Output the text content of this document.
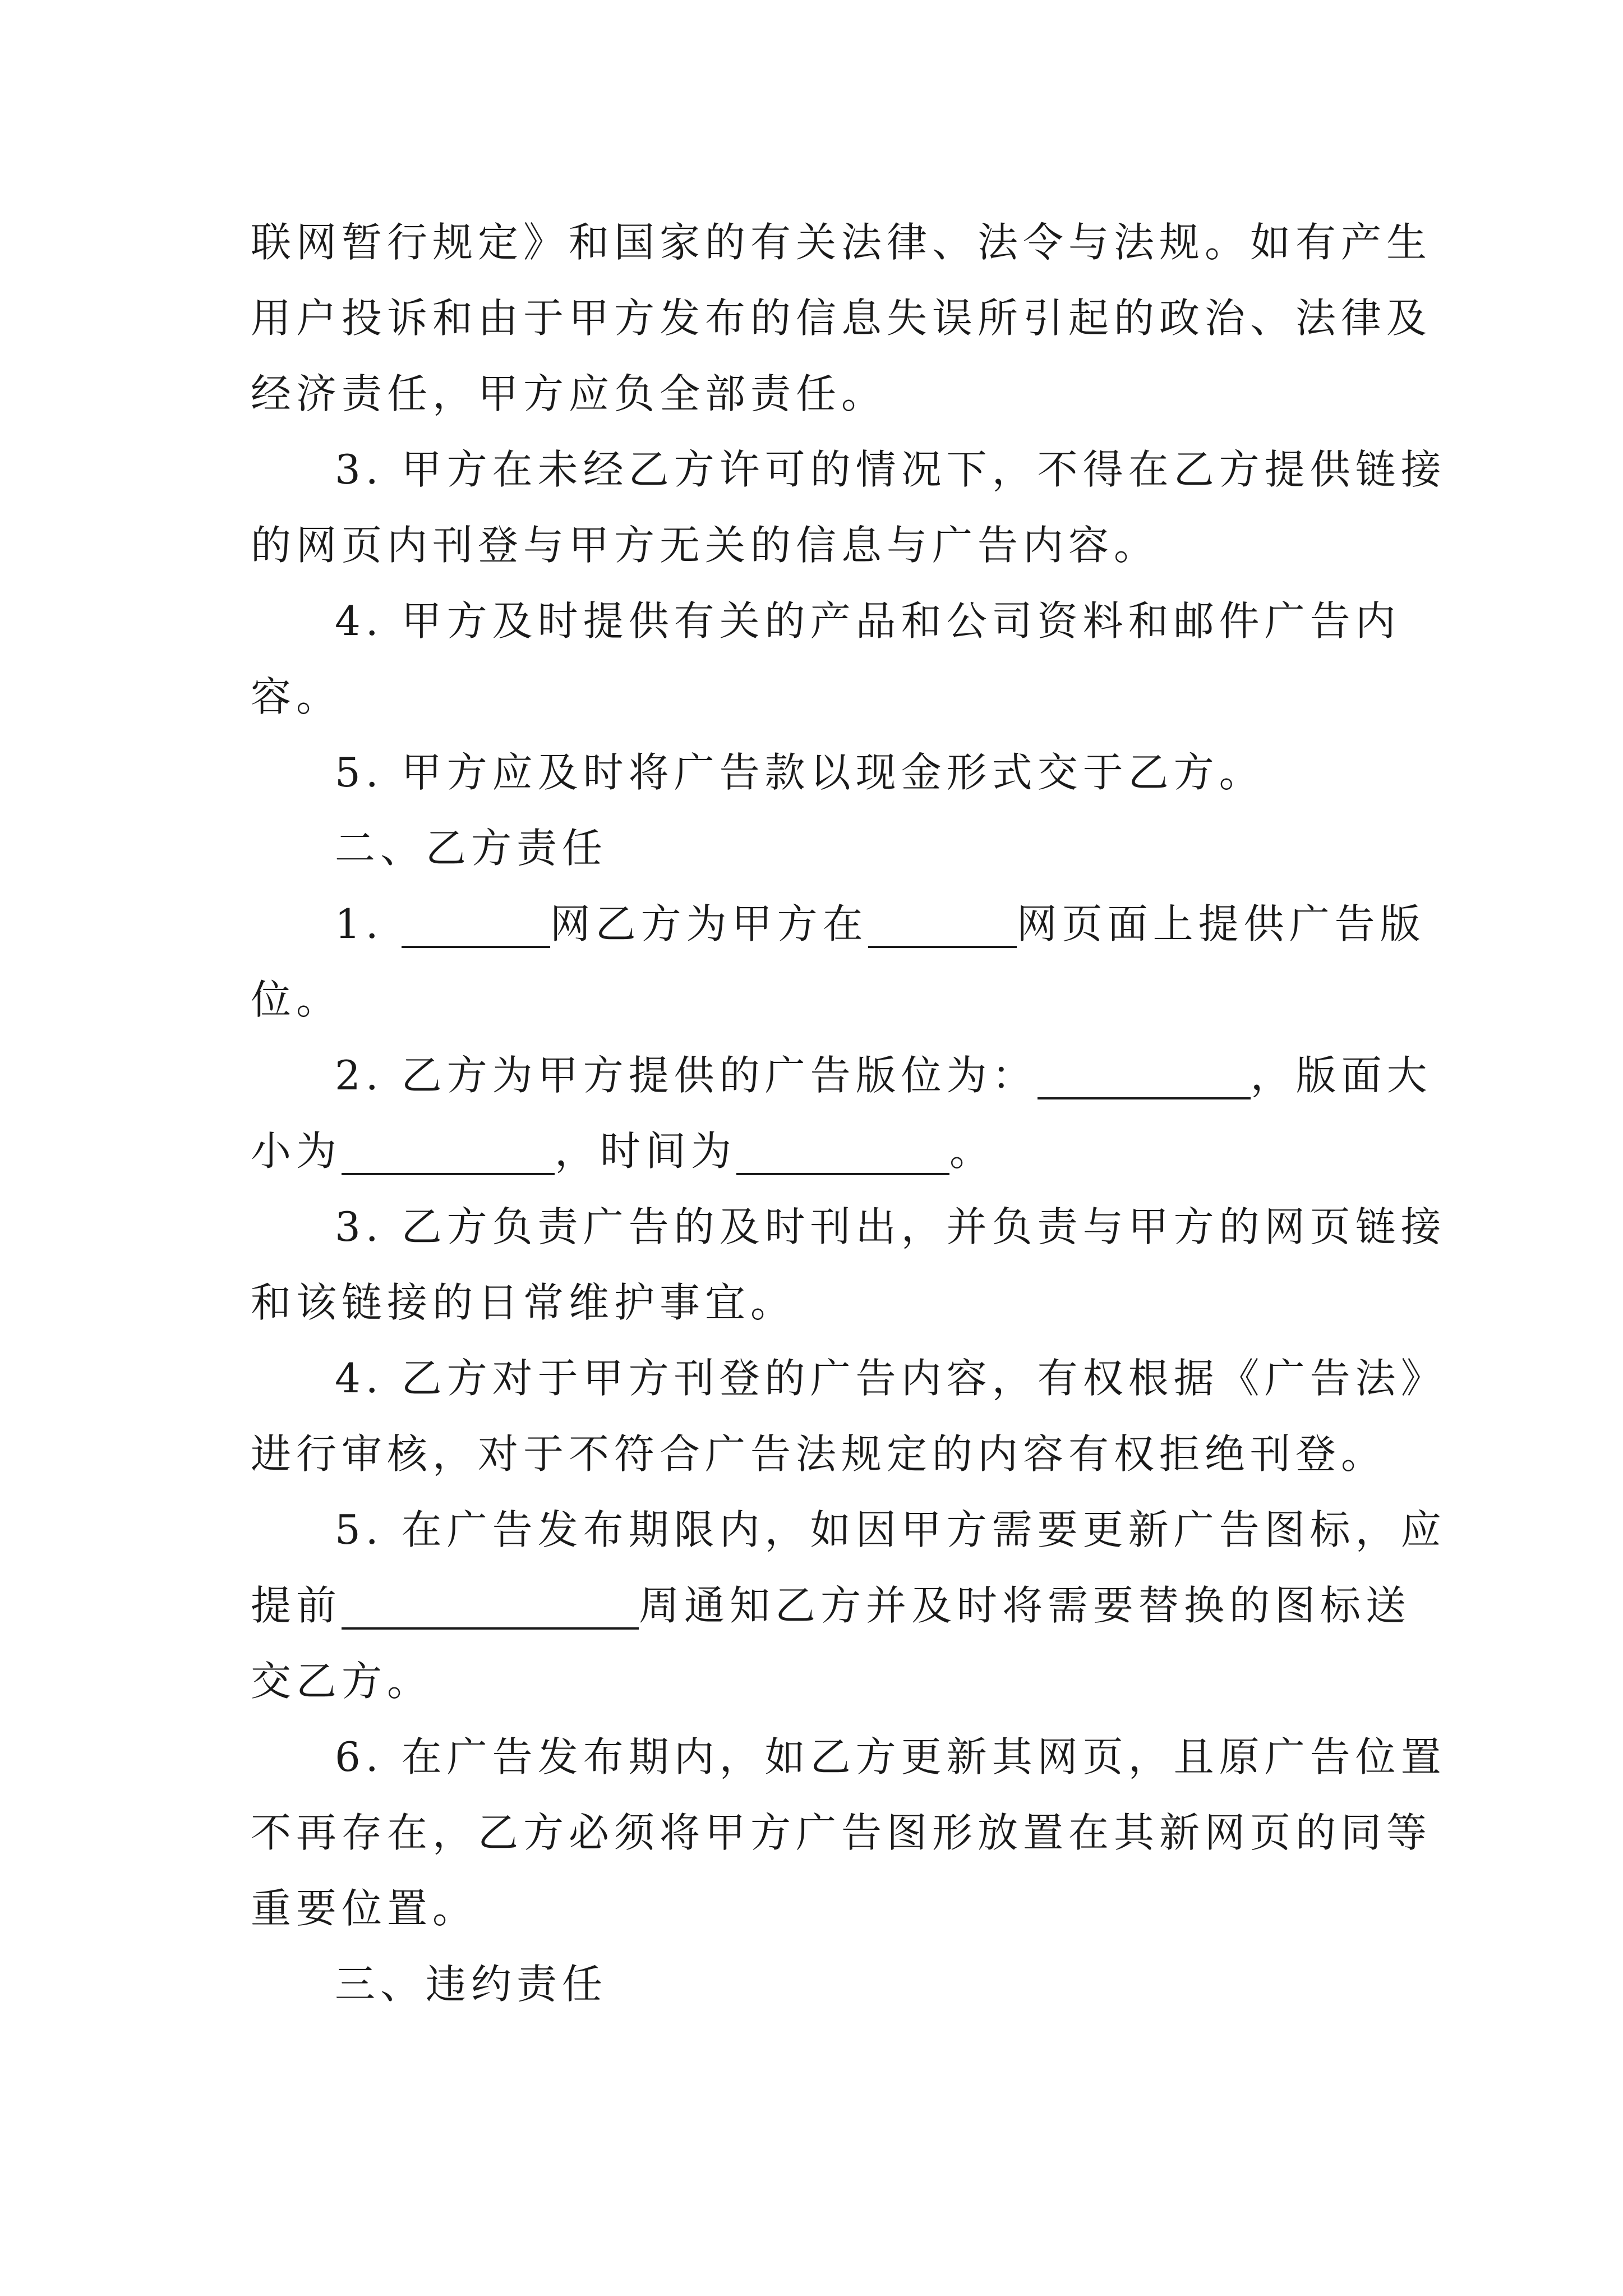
联网暂行规定》和国家的有关法律、法令与法规。如有产生
用户投诉和由于甲方发布的信息失误所引起的政治、法律及
经济责任，甲方应负全部责任。
3. 甲方在未经乙方许可的情况下，不得在乙方提供链接
的网页内刊登与甲方无关的信息与广告内容。
4. 甲方及时提供有关的产品和公司资料和邮件广告内
容。
5. 甲方应及时将广告款以现金形式交于乙方。
二、乙方责任
1.	网乙方为甲方在	网页面上提供广告版
位。
2. 乙方为甲方提供的广告版位为：	，版面大
小为	，时间为	。
3. 乙方负责广告的及时刊出，并负责与甲方的网页链接
和该链接的日常维护事宜。
4. 乙方对于甲方刊登的广告内容，有权根据《广告法》
进行审核，对于不符合广告法规定的内容有权拒绝刊登。
5. 在广告发布期限内，如因甲方需要更新广告图标，应
提前	周通知乙方并及时将需要替换的图标送
交乙方。
6. 在广告发布期内，如乙方更新其网页，且原广告位置
不再存在，乙方必须将甲方广告图形放置在其新网页的同等
重要位置。
三、违约责任
